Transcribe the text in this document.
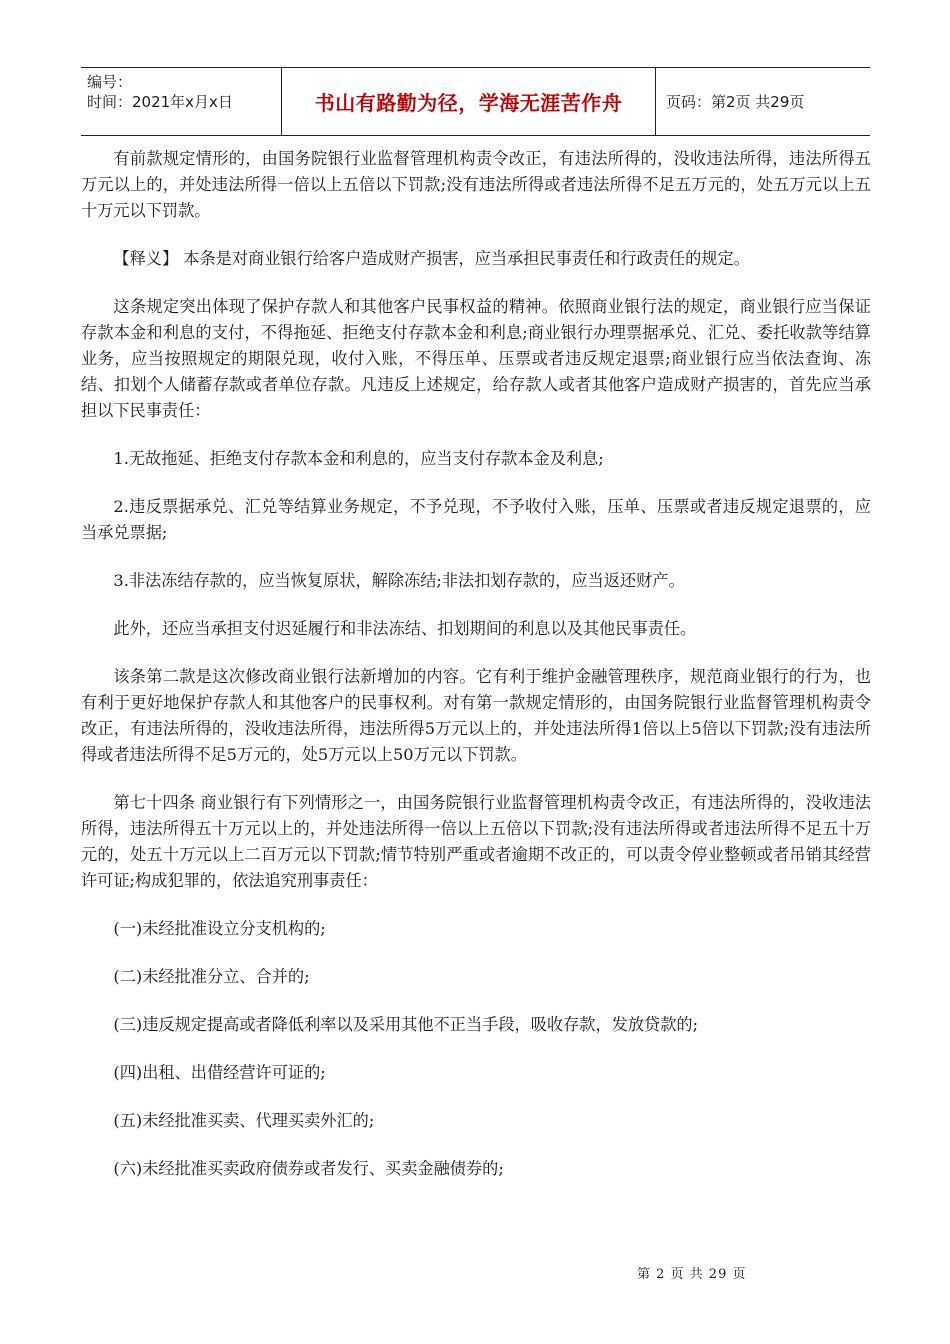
编号：
时间：2021年x月x日	书山有路勤为径，学海无涯苦作舟	页码：第2页 共29页

有前款规定情形的，由国务院银行业监督管理机构责令改正，有违法所得的，没收违法所得，违法所得五万元以上的，并处违法所得一倍以上五倍以下罚款;没有违法所得或者违法所得不足五万元的，处五万元以上五十万元以下罚款。

【释义】 本条是对商业银行给客户造成财产损害，应当承担民事责任和行政责任的规定。

这条规定突出体现了保护存款人和其他客户民事权益的精神。依照商业银行法的规定，商业银行应当保证存款本金和利息的支付，不得拖延、拒绝支付存款本金和利息;商业银行办理票据承兑、汇兑、委托收款等结算业务，应当按照规定的期限兑现，收付入账，不得压单、压票或者违反规定退票;商业银行应当依法查询、冻结、扣划个人储蓄存款或者单位存款。凡违反上述规定，给存款人或者其他客户造成财产损害的，首先应当承担以下民事责任：

1.无故拖延、拒绝支付存款本金和利息的，应当支付存款本金及利息;

2.违反票据承兑、汇兑等结算业务规定，不予兑现，不予收付入账，压单、压票或者违反规定退票的，应当承兑票据;

3.非法冻结存款的，应当恢复原状，解除冻结;非法扣划存款的，应当返还财产。

此外，还应当承担支付迟延履行和非法冻结、扣划期间的利息以及其他民事责任。

该条第二款是这次修改商业银行法新增加的内容。它有利于维护金融管理秩序，规范商业银行的行为，也有利于更好地保护存款人和其他客户的民事权利。对有第一款规定情形的，由国务院银行业监督管理机构责令改正，有违法所得的，没收违法所得，违法所得5万元以上的，并处违法所得1倍以上5倍以下罚款;没有违法所得或者违法所得不足5万元的，处5万元以上50万元以下罚款。

第七十四条 商业银行有下列情形之一，由国务院银行业监督管理机构责令改正，有违法所得的，没收违法所得，违法所得五十万元以上的，并处违法所得一倍以上五倍以下罚款;没有违法所得或者违法所得不足五十万元的，处五十万元以上二百万元以下罚款;情节特别严重或者逾期不改正的，可以责令停业整顿或者吊销其经营许可证;构成犯罪的，依法追究刑事责任：

(一)未经批准设立分支机构的;

(二)未经批准分立、合并的;

(三)违反规定提高或者降低利率以及采用其他不正当手段，吸收存款，发放贷款的;

(四)出租、出借经营许可证的;

(五)未经批准买卖、代理买卖外汇的;

(六)未经批准买卖政府债券或者发行、买卖金融债券的;

第 2 页 共 29 页
